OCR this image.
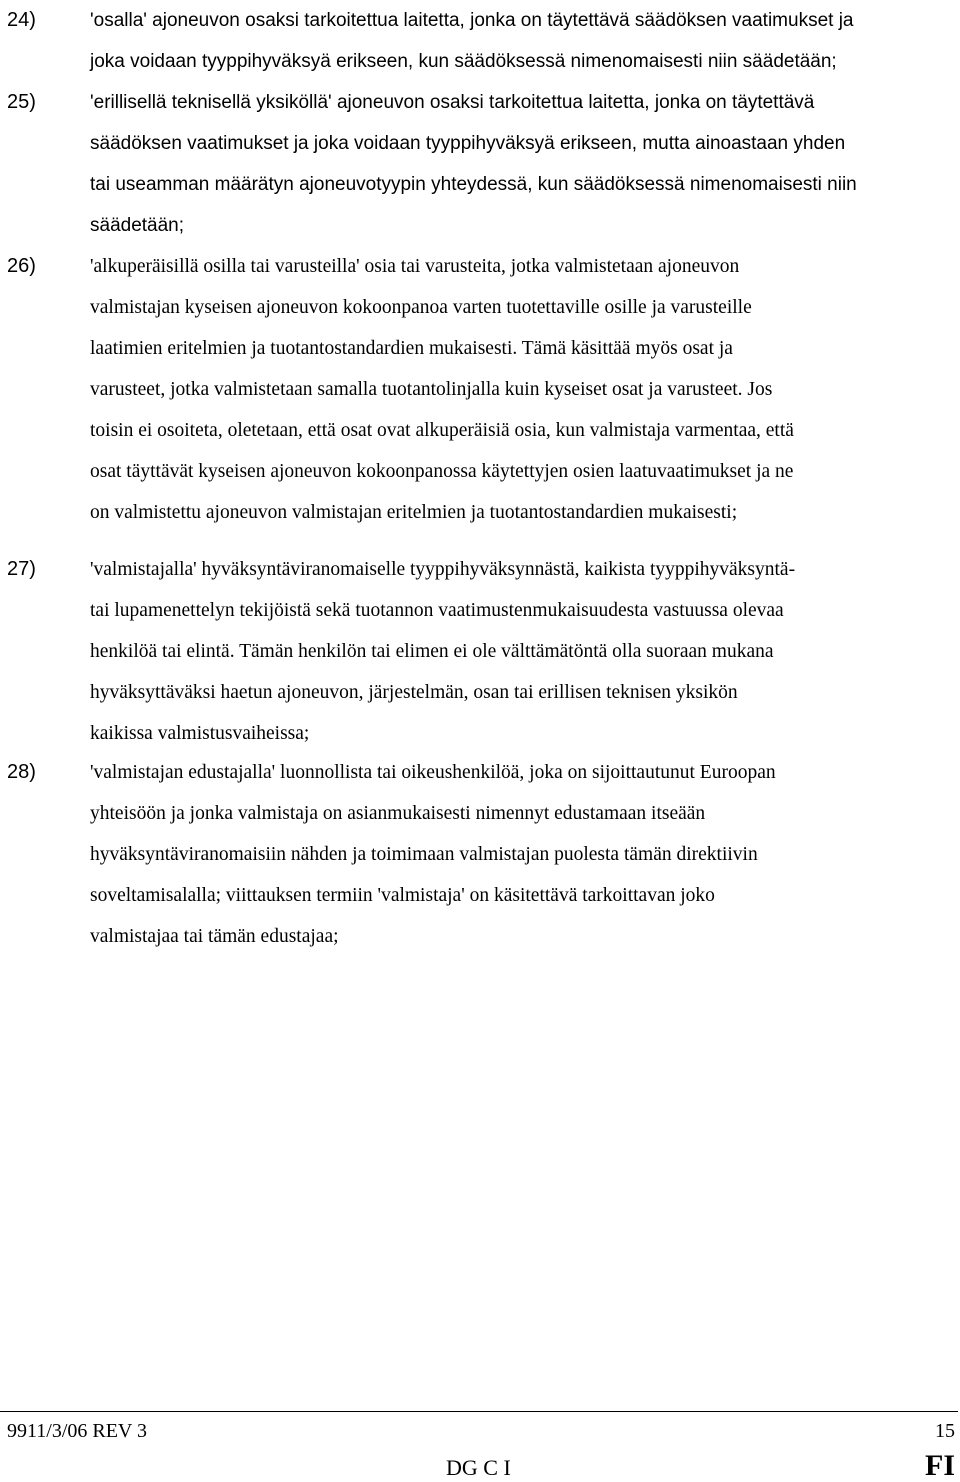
24)	'osalla' ajoneuvon osaksi tarkoitettua laitetta, jonka on täytettävä säädöksen vaatimukset ja
joka voidaan tyyppihyväksyä erikseen, kun säädöksessä nimenomaisesti niin säädetään;

25)	'erillisellä teknisellä yksiköllä' ajoneuvon osaksi tarkoitettua laitetta, jonka on täytettävä
säädöksen vaatimukset ja joka voidaan tyyppihyväksyä erikseen, mutta ainoastaan yhden
tai useamman määrätyn ajoneuvotyypin yhteydessä, kun säädöksessä nimenomaisesti niin
säädetään;

26)	'alkuperäisillä osilla tai varusteilla' osia tai varusteita, jotka valmistetaan ajoneuvon
valmistajan kyseisen ajoneuvon kokoonpanoa varten tuotettaville osille ja varusteille
laatimien eritelmien ja tuotantostandardien mukaisesti. Tämä käsittää myös osat ja
varusteet, jotka valmistetaan samalla tuotantolinjalla kuin kyseiset osat ja varusteet. Jos
toisin ei osoiteta, oletetaan, että osat ovat alkuperäisiä osia, kun valmistaja varmentaa, että
osat täyttävät kyseisen ajoneuvon kokoonpanossa käytettyjen osien laatuvaatimukset ja ne
on valmistettu ajoneuvon valmistajan eritelmien ja tuotantostandardien mukaisesti;

27)	'valmistajalla' hyväksyntäviranomaiselle tyyppihyväksynnästä, kaikista tyyppihyväksyntä-
tai lupamenettelyn tekijöistä sekä tuotannon vaatimustenmukaisuudesta vastuussa olevaa
henkilöä tai elintä. Tämän henkilön tai elimen ei ole välttämätöntä olla suoraan mukana
hyväksyttäväksi haetun ajoneuvon, järjestelmän, osan tai erillisen teknisen yksikön
kaikissa valmistusvaiheissa;

28)	'valmistajan edustajalla' luonnollista tai oikeushenkilöä, joka on sijoittautunut Euroopan
yhteisöön ja jonka valmistaja on asianmukaisesti nimennyt edustamaan itseään
hyväksyntäviranomaisiin nähden ja toimimaan valmistajan puolesta tämän direktiivin
soveltamisalalla; viittauksen termiin 'valmistaja' on käsitettävä tarkoittavan joko
valmistajaa tai tämän edustajaa;

9911/3/06 REV 3	15
DG C I	FI
